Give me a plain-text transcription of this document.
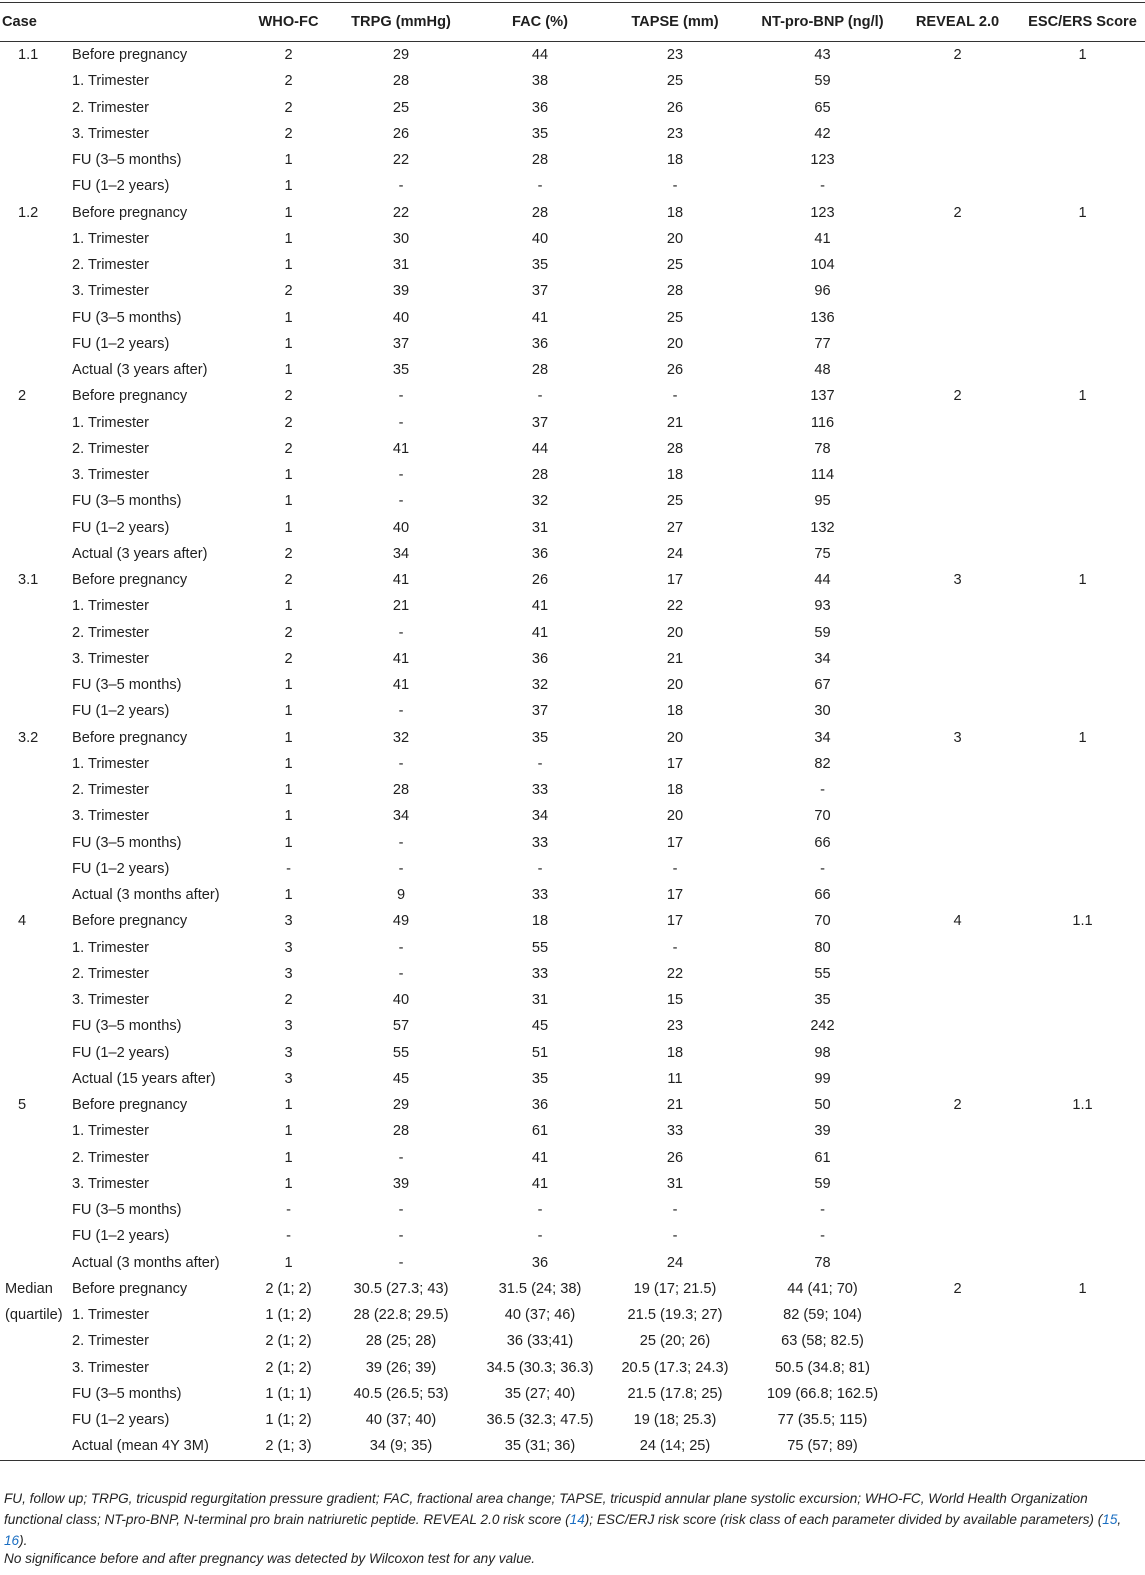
Case		WHO-FC	TRPG (mmHg)	FAC (%)	TAPSE (mm)	NT-pro-BNP (ng/l)	REVEAL 2.0	ESC/ERS Score
1.1	Before pregnancy	2	29	44	23	43	2	1
	1. Trimester	2	28	38	25	59		
	2. Trimester	2	25	36	26	65		
	3. Trimester	2	26	35	23	42		
	FU (3–5 months)	1	22	28	18	123		
	FU (1–2 years)	1	-	-	-	-		
1.2	Before pregnancy	1	22	28	18	123	2	1
	1. Trimester	1	30	40	20	41		
	2. Trimester	1	31	35	25	104		
	3. Trimester	2	39	37	28	96		
	FU (3–5 months)	1	40	41	25	136		
	FU (1–2 years)	1	37	36	20	77		
	Actual (3 years after)	1	35	28	26	48		
2	Before pregnancy	2	-	-	-	137	2	1
	1. Trimester	2	-	37	21	116		
	2. Trimester	2	41	44	28	78		
	3. Trimester	1	-	28	18	114		
	FU (3–5 months)	1	-	32	25	95		
	FU (1–2 years)	1	40	31	27	132		
	Actual (3 years after)	2	34	36	24	75		
3.1	Before pregnancy	2	41	26	17	44	3	1
	1. Trimester	1	21	41	22	93		
	2. Trimester	2	-	41	20	59		
	3. Trimester	2	41	36	21	34		
	FU (3–5 months)	1	41	32	20	67		
	FU (1–2 years)	1	-	37	18	30		
3.2	Before pregnancy	1	32	35	20	34	3	1
	1. Trimester	1	-	-	17	82		
	2. Trimester	1	28	33	18	-		
	3. Trimester	1	34	34	20	70		
	FU (3–5 months)	1	-	33	17	66		
	FU (1–2 years)	-	-	-	-	-		
	Actual (3 months after)	1	9	33	17	66		
4	Before pregnancy	3	49	18	17	70	4	1.1
	1. Trimester	3	-	55	-	80		
	2. Trimester	3	-	33	22	55		
	3. Trimester	2	40	31	15	35		
	FU (3–5 months)	3	57	45	23	242		
	FU (1–2 years)	3	55	51	18	98		
	Actual (15 years after)	3	45	35	11	99		
5	Before pregnancy	1	29	36	21	50	2	1.1
	1. Trimester	1	28	61	33	39		
	2. Trimester	1	-	41	26	61		
	3. Trimester	1	39	41	31	59		
	FU (3–5 months)	-	-	-	-	-		
	FU (1–2 years)	-	-	-	-	-		
	Actual (3 months after)	1	-	36	24	78		
Median	Before pregnancy	2 (1; 2)	30.5 (27.3; 43)	31.5 (24; 38)	19 (17; 21.5)	44 (41; 70)	2	1
(quartile)	1. Trimester	1 (1; 2)	28 (22.8; 29.5)	40 (37; 46)	21.5 (19.3; 27)	82 (59; 104)		
	2. Trimester	2 (1; 2)	28 (25; 28)	36 (33;41)	25 (20; 26)	63 (58; 82.5)		
	3. Trimester	2 (1; 2)	39 (26; 39)	34.5 (30.3; 36.3)	20.5 (17.3; 24.3)	50.5 (34.8; 81)		
	FU (3–5 months)	1 (1; 1)	40.5 (26.5; 53)	35 (27; 40)	21.5 (17.8; 25)	109 (66.8; 162.5)		
	FU (1–2 years)	1 (1; 2)	40 (37; 40)	36.5 (32.3; 47.5)	19 (18; 25.3)	77 (35.5; 115)		
	Actual (mean 4Y 3M)	2 (1; 3)	34 (9; 35)	35 (31; 36)	24 (14; 25)	75 (57; 89)		
FU, follow up; TRPG, tricuspid regurgitation pressure gradient; FAC, fractional area change; TAPSE, tricuspid annular plane systolic excursion; WHO-FC, World Health Organization functional class; NT-pro-BNP, N-terminal pro brain natriuretic peptide. REVEAL 2.0 risk score (14); ESC/ERJ risk score (risk class of each parameter divided by available parameters) (15, 16).
No significance before and after pregnancy was detected by Wilcoxon test for any value.
